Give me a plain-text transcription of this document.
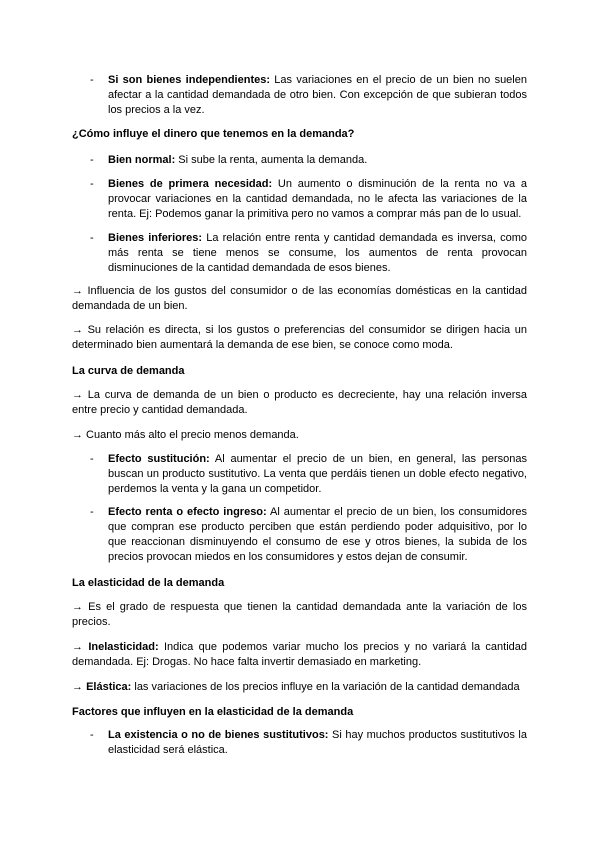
-	Si son bienes independientes: Las variaciones en el precio de un bien no suelen afectar a la cantidad demandada de otro bien. Con excepción de que subieran todos los precios a la vez.
¿Cómo influye el dinero que tenemos en la demanda?
-	Bien normal: Si sube la renta, aumenta la demanda.
-	Bienes de primera necesidad: Un aumento o disminución de la renta no va a provocar variaciones en la cantidad demandada, no le afecta las variaciones de la renta. Ej: Podemos ganar la primitiva pero no vamos a comprar más pan de lo usual.
-	Bienes inferiores: La relación entre renta y cantidad demandada es inversa, como más renta se tiene menos se consume, los aumentos de renta provocan disminuciones de la cantidad demandada de esos bienes.
→ Influencia de los gustos del consumidor o de las economías domésticas en la cantidad demandada de un bien.
→ Su relación es directa, si los gustos o preferencias del consumidor se dirigen hacia un determinado bien aumentará la demanda de ese bien, se conoce como moda.
La curva de demanda
→ La curva de demanda de un bien o producto es decreciente, hay una relación inversa entre precio y cantidad demandada.
→ Cuanto más alto el precio menos demanda.
-	Efecto sustitución: Al aumentar el precio de un bien, en general, las personas buscan un producto sustitutivo. La venta que perdáis tienen un doble efecto negativo, perdemos la venta y la gana un competidor.
-	Efecto renta o efecto ingreso: Al aumentar el precio de un bien, los consumidores que compran ese producto perciben que están perdiendo poder adquisitivo, por lo que reaccionan disminuyendo el consumo de ese y otros bienes, la subida de los precios provocan miedos en los consumidores y estos dejan de consumir.
La elasticidad de la demanda
→ Es el grado de respuesta que tienen la cantidad demandada ante la variación de los precios.
→ Inelasticidad: Indica que podemos variar mucho los precios y no variará la cantidad demandada. Ej: Drogas. No hace falta invertir demasiado en marketing.
→ Elástica: las variaciones de los precios influye en la variación de la cantidad demandada
Factores que influyen en la elasticidad de la demanda
-	La existencia o no de bienes sustitutivos: Si hay muchos productos sustitutivos la elasticidad será elástica.
